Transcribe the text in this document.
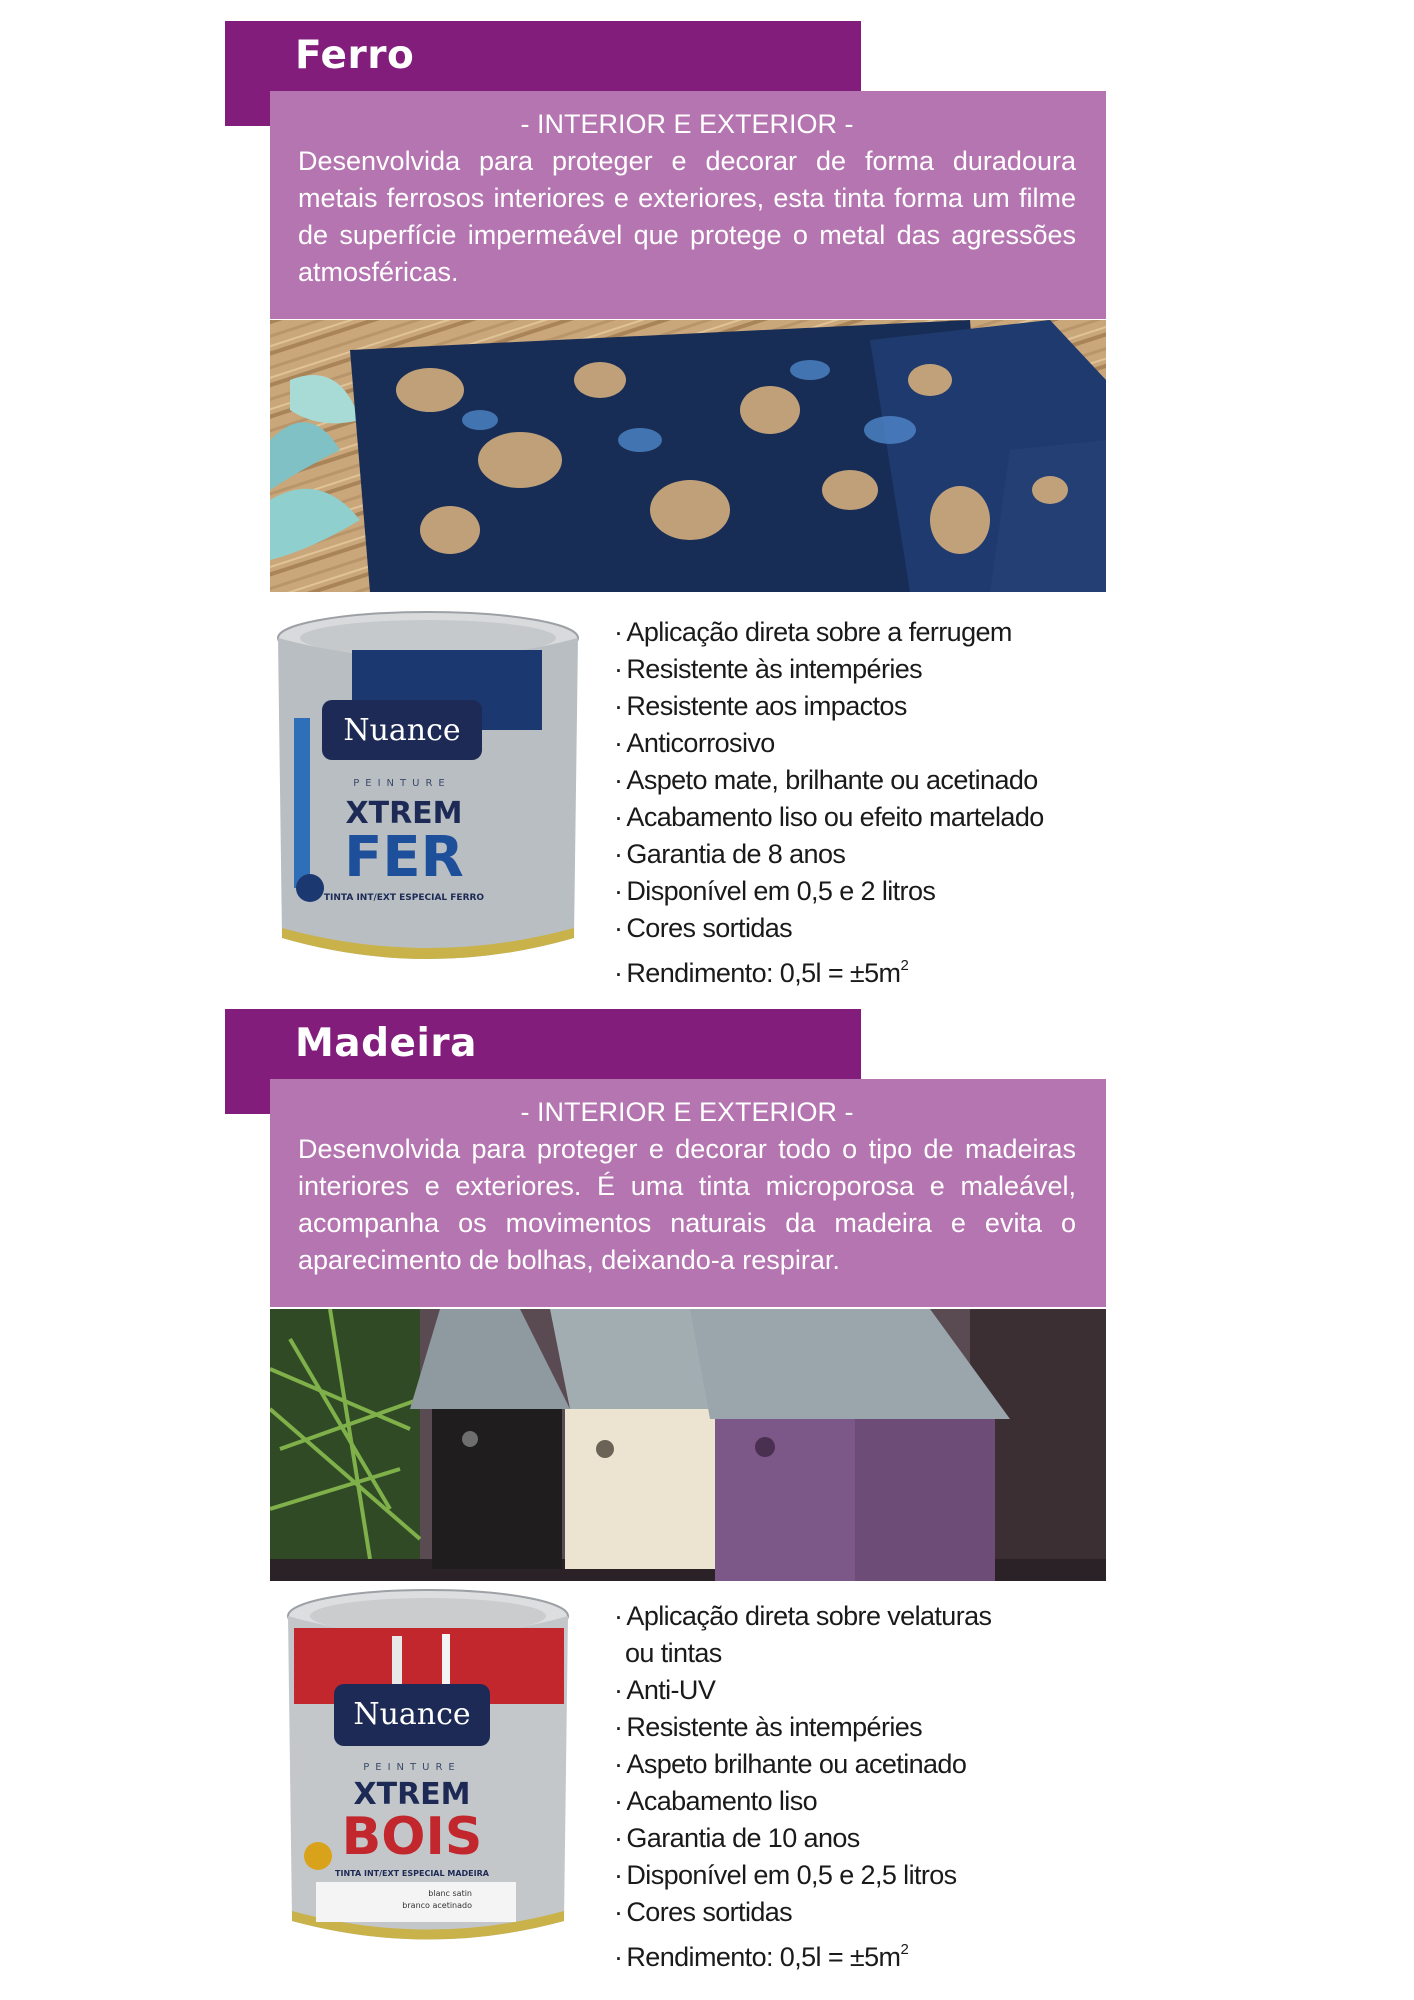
Ferro
- INTERIOR E EXTERIOR -
Desenvolvida para proteger e decorar de forma duradoura metais ferrosos interiores e exteriores, esta tinta forma um filme de superfície impermeável que protege o metal das agressões atmosféricas.
Nuance
PEINTURE
XTREM
FER
TINTA INT/EXT ESPECIAL FERRO
· Aplicação direta sobre a ferrugem
· Resistente às intempéries
· Resistente aos impactos
· Anticorrosivo
· Aspeto mate, brilhante ou acetinado
· Acabamento liso ou efeito martelado
· Garantia de 8 anos
· Disponível em 0,5 e 2 litros
· Cores sortidas
· Rendimento: $0,5l = \pm 5m^2$
Madeira
- INTERIOR E EXTERIOR -
Desenvolvida para proteger e decorar todo o tipo de madeiras interiores e exteriores. É uma tinta microporosa e maleável, acompanha os movimentos naturais da madeira e evita o aparecimento de bolhas, deixando-a respirar.
Nuance
PEINTURE
XTREM
BOIS
TINTA INT/EXT ESPECIAL MADEIRA
blanc satin
branco acetinado
· Aplicação direta sobre velaturas
ou tintas
· Anti-UV
· Resistente às intempéries
· Aspeto brilhante ou acetinado
· Acabamento liso
· Garantia de 10 anos
· Disponível em 0,5 e 2,5 litros
· Cores sortidas
· Rendimento: $0,5l = \pm 5m^2$
